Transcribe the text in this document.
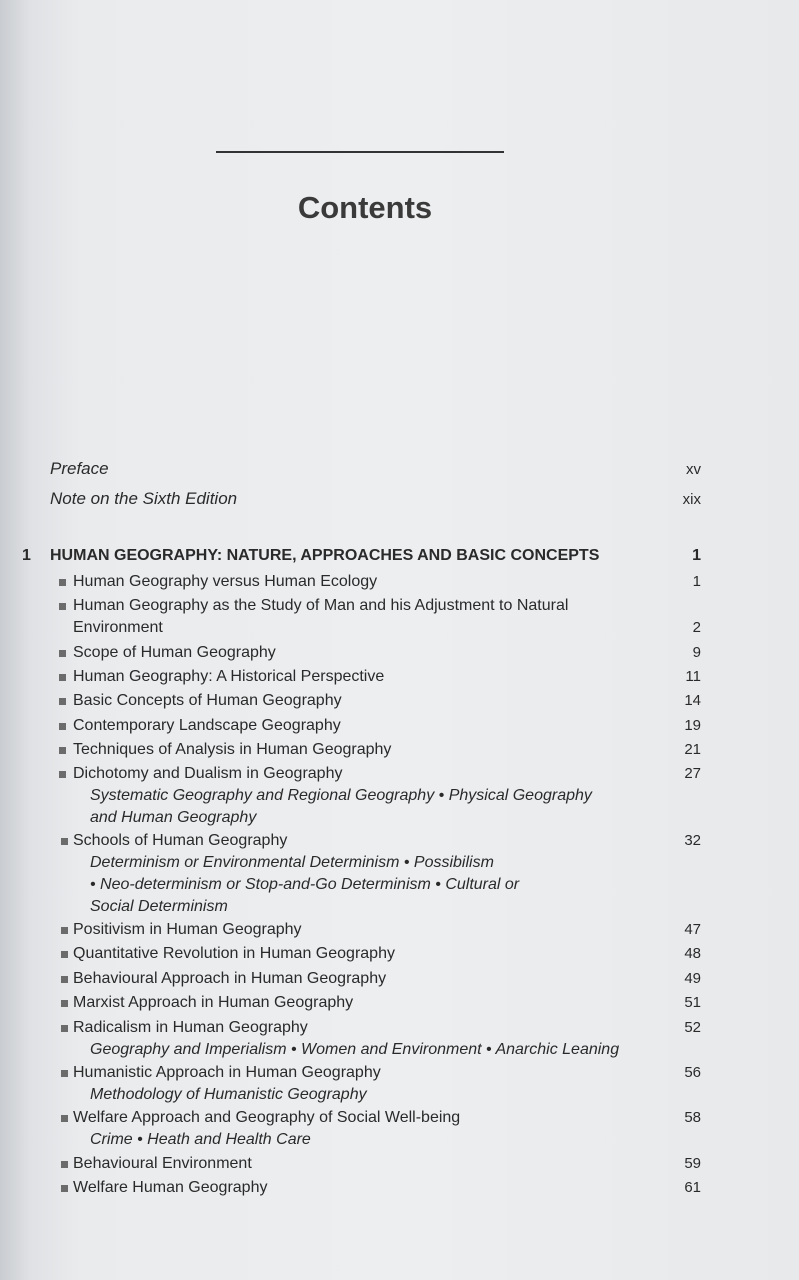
Contents
Preface	xv
Note on the Sixth Edition	xix
1 HUMAN GEOGRAPHY: NATURE, APPROACHES AND BASIC CONCEPTS	1
Human Geography versus Human Ecology	1
Human Geography as the Study of Man and his Adjustment to Natural
Environment	2
Scope of Human Geography	9
Human Geography: A Historical Perspective	11
Basic Concepts of Human Geography	14
Contemporary Landscape Geography	19
Techniques of Analysis in Human Geography	21
Dichotomy and Dualism in Geography	27
Systematic Geography and Regional Geography • Physical Geography
and Human Geography
Schools of Human Geography	32
Determinism or Environmental Determinism • Possibilism
• Neo-determinism or Stop-and-Go Determinism • Cultural or
Social Determinism
Positivism in Human Geography	47
Quantitative Revolution in Human Geography	48
Behavioural Approach in Human Geography	49
Marxist Approach in Human Geography	51
Radicalism in Human Geography	52
Geography and Imperialism • Women and Environment • Anarchic Leaning
Humanistic Approach in Human Geography	56
Methodology of Humanistic Geography
Welfare Approach and Geography of Social Well-being	58
Crime • Heath and Health Care
Behavioural Environment	59
Welfare Human Geography	61
